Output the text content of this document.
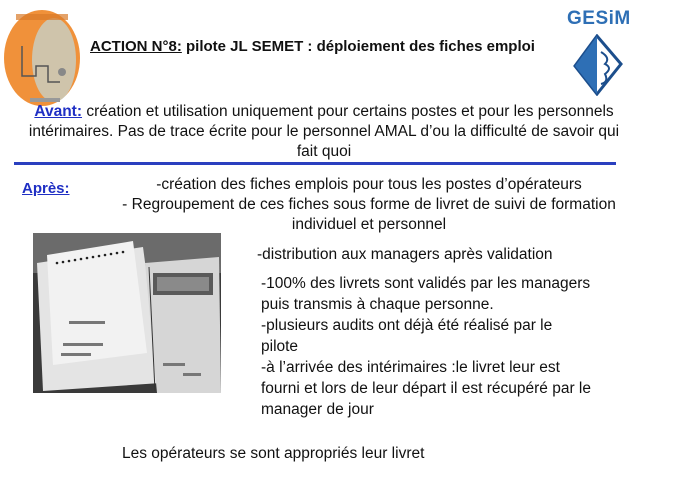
GESiM
ACTION N°8: pilote JL SEMET : déploiement des fiches emploi
Avant: création et utilisation uniquement pour certains postes et pour les personnels intérimaires. Pas de trace écrite pour le personnel AMAL d’ou la difficulté de savoir qui fait quoi
Après:	-création des fiches emplois pour tous les postes d’opérateurs
- Regroupement de ces fiches sous forme de livret de suivi de formation individuel et personnel
-distribution aux managers après validation
-100% des livrets sont validés par les managers puis transmis à chaque personne.
-plusieurs audits ont déjà été réalisé par le pilote
-à l’arrivée des intérimaires :le livret leur est fourni et lors de leur départ il est récupéré par le manager de jour
Les opérateurs se sont appropriés leur livret
